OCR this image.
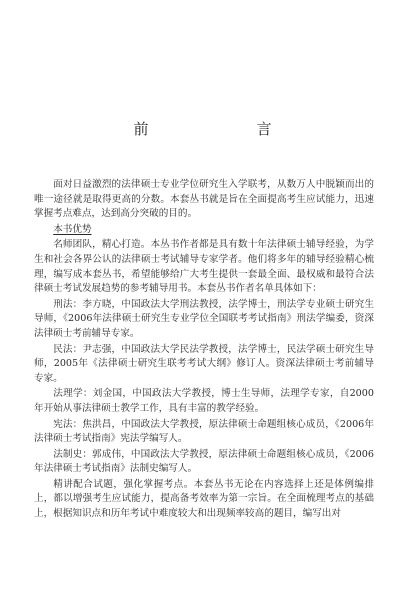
前　　言

面对日益激烈的法律硕士专业学位研究生入学联考，从数万人中脱颖而出的唯一途径就是取得更高的分数。本套丛书就是旨在全面提高考生应试能力，迅速掌握考点难点，达到高分突破的目的。

本书优势

名师团队，精心打造。本丛书作者都是具有数十年法律硕士辅导经验，为学生和社会各界公认的法律硕士考试辅导专家学者。他们将多年的辅导经验精心梳理，编写成本套丛书，希望能够给广大考生提供一套最全面、最权威和最符合法律硕士考试发展趋势的参考辅导用书。本套丛书作者名单具体如下：

刑法：李方晓，中国政法大学刑法教授，法学博士，刑法学专业硕士研究生导师，《2006年法律硕士研究生专业学位全国联考考试指南》刑法学编委，资深法律硕士考前辅导专家。

民法：尹志强，中国政法大学民法学教授，法学博士，民法学硕士研究生导师，2005年《法律硕士研究生联考考试大纲》修订人。资深法律硕士考前辅导专家。

法理学：刘金国，中国政法大学教授，博士生导师，法理学专家，自2000年开始从事法律硕士教学工作，具有丰富的教学经验。

宪法：焦洪昌，中国政法大学教授，原法律硕士命题组核心成员，《2006年法律硕士考试指南》宪法学编写人。

法制史：郭成伟，中国政法大学教授，原法律硕士命题组核心成员，《2006年法律硕士考试指南》法制史编写人。

精讲配合试题，强化掌握考点。本套丛书无论在内容选择上还是体例编排上，都以增强考生应试能力，提高备考效率为第一宗旨。在全面梳理考点的基础上，根据知识点和历年考试中难度较大和出现频率较高的题目，编写出对
